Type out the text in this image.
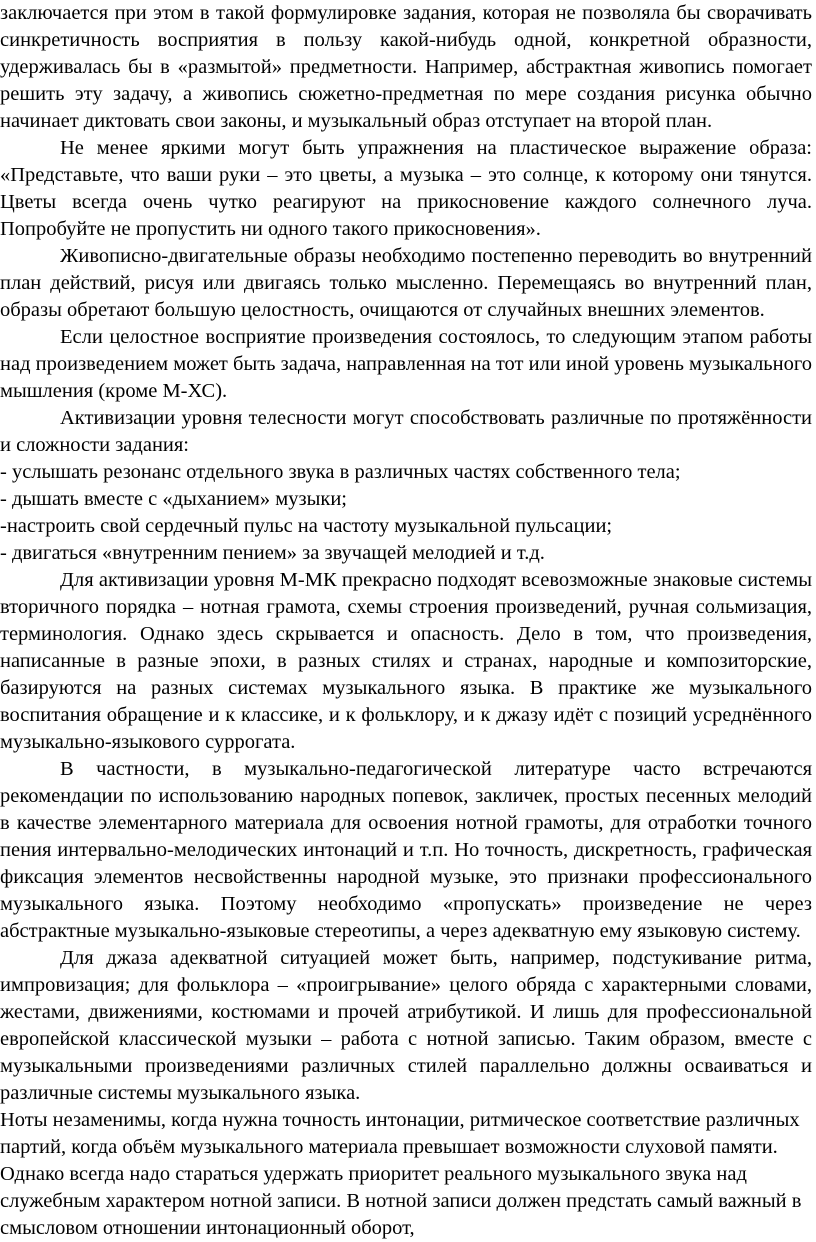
заключается при этом в такой формулировке задания, которая не позволяла бы сворачивать синкретичность восприятия в пользу какой-нибудь одной, конкретной образности, удерживалась бы в «размытой» предметности. Например, абстрактная живопись помогает решить эту задачу, а живопись сюжетно-предметная по мере создания рисунка обычно начинает диктовать свои законы, и музыкальный образ отступает на второй план.

Не менее яркими могут быть упражнения на пластическое выражение образа: «Представьте, что ваши руки – это цветы, а музыка – это солнце, к которому они тянутся. Цветы всегда очень чутко реагируют на прикосновение каждого солнечного луча. Попробуйте не пропустить ни одного такого прикосновения».

Живописно-двигательные образы необходимо постепенно переводить во внутренний план действий, рисуя или двигаясь только мысленно. Перемещаясь во внутренний план, образы обретают большую целостность, очищаются от случайных внешних элементов.

Если целостное восприятие произведения состоялось, то следующим этапом работы над произведением может быть задача, направленная на тот или иной уровень музыкального мышления (кроме М-ХС).

Активизации уровня телесности могут способствовать различные по протяжённости и сложности задания:

- услышать резонанс отдельного звука в различных частях собственного тела;

- дышать вместе с «дыханием» музыки;

-настроить свой сердечный пульс на частоту музыкальной пульсации;

- двигаться «внутренним пением» за звучащей мелодией и т.д.

Для активизации уровня М-МК прекрасно подходят всевозможные знаковые системы вторичного порядка – нотная грамота, схемы строения произведений, ручная сольмизация, терминология. Однако здесь скрывается и опасность. Дело в том, что произведения, написанные в разные эпохи, в разных стилях и странах, народные и композиторские, базируются на разных системах музыкального языка. В практике же музыкального воспитания обращение и к классике, и к фольклору, и к джазу идёт с позиций усреднённого музыкально-языкового суррогата.

В частности, в музыкально-педагогической литературе часто встречаются рекомендации по использованию народных попевок, закличек, простых песенных мелодий в качестве элементарного материала для освоения нотной грамоты, для отработки точного пения интервально-мелодических интонаций и т.п. Но точность, дискретность, графическая фиксация элементов несвойственны народной музыке, это признаки профессионального музыкального языка. Поэтому необходимо «пропускать» произведение не через абстрактные музыкально-языковые стереотипы, а через адекватную ему языковую систему.

Для джаза адекватной ситуацией может быть, например, подстукивание ритма, импровизация; для фольклора – «проигрывание» целого обряда с характерными словами, жестами, движениями, костюмами и прочей атрибутикой. И лишь для профессиональной европейской классической музыки – работа с нотной записью. Таким образом, вместе с музыкальными произведениями различных стилей параллельно должны осваиваться и различные системы музыкального языка.

Ноты незаменимы, когда нужна точность интонации, ритмическое соответствие различных партий, когда объём музыкального материала превышает возможности слуховой памяти. Однако всегда надо стараться удержать приоритет реального музыкального звука над служебным характером нотной записи. В нотной записи должен предстать самый важный в смысловом отношении интонационный оборот,
